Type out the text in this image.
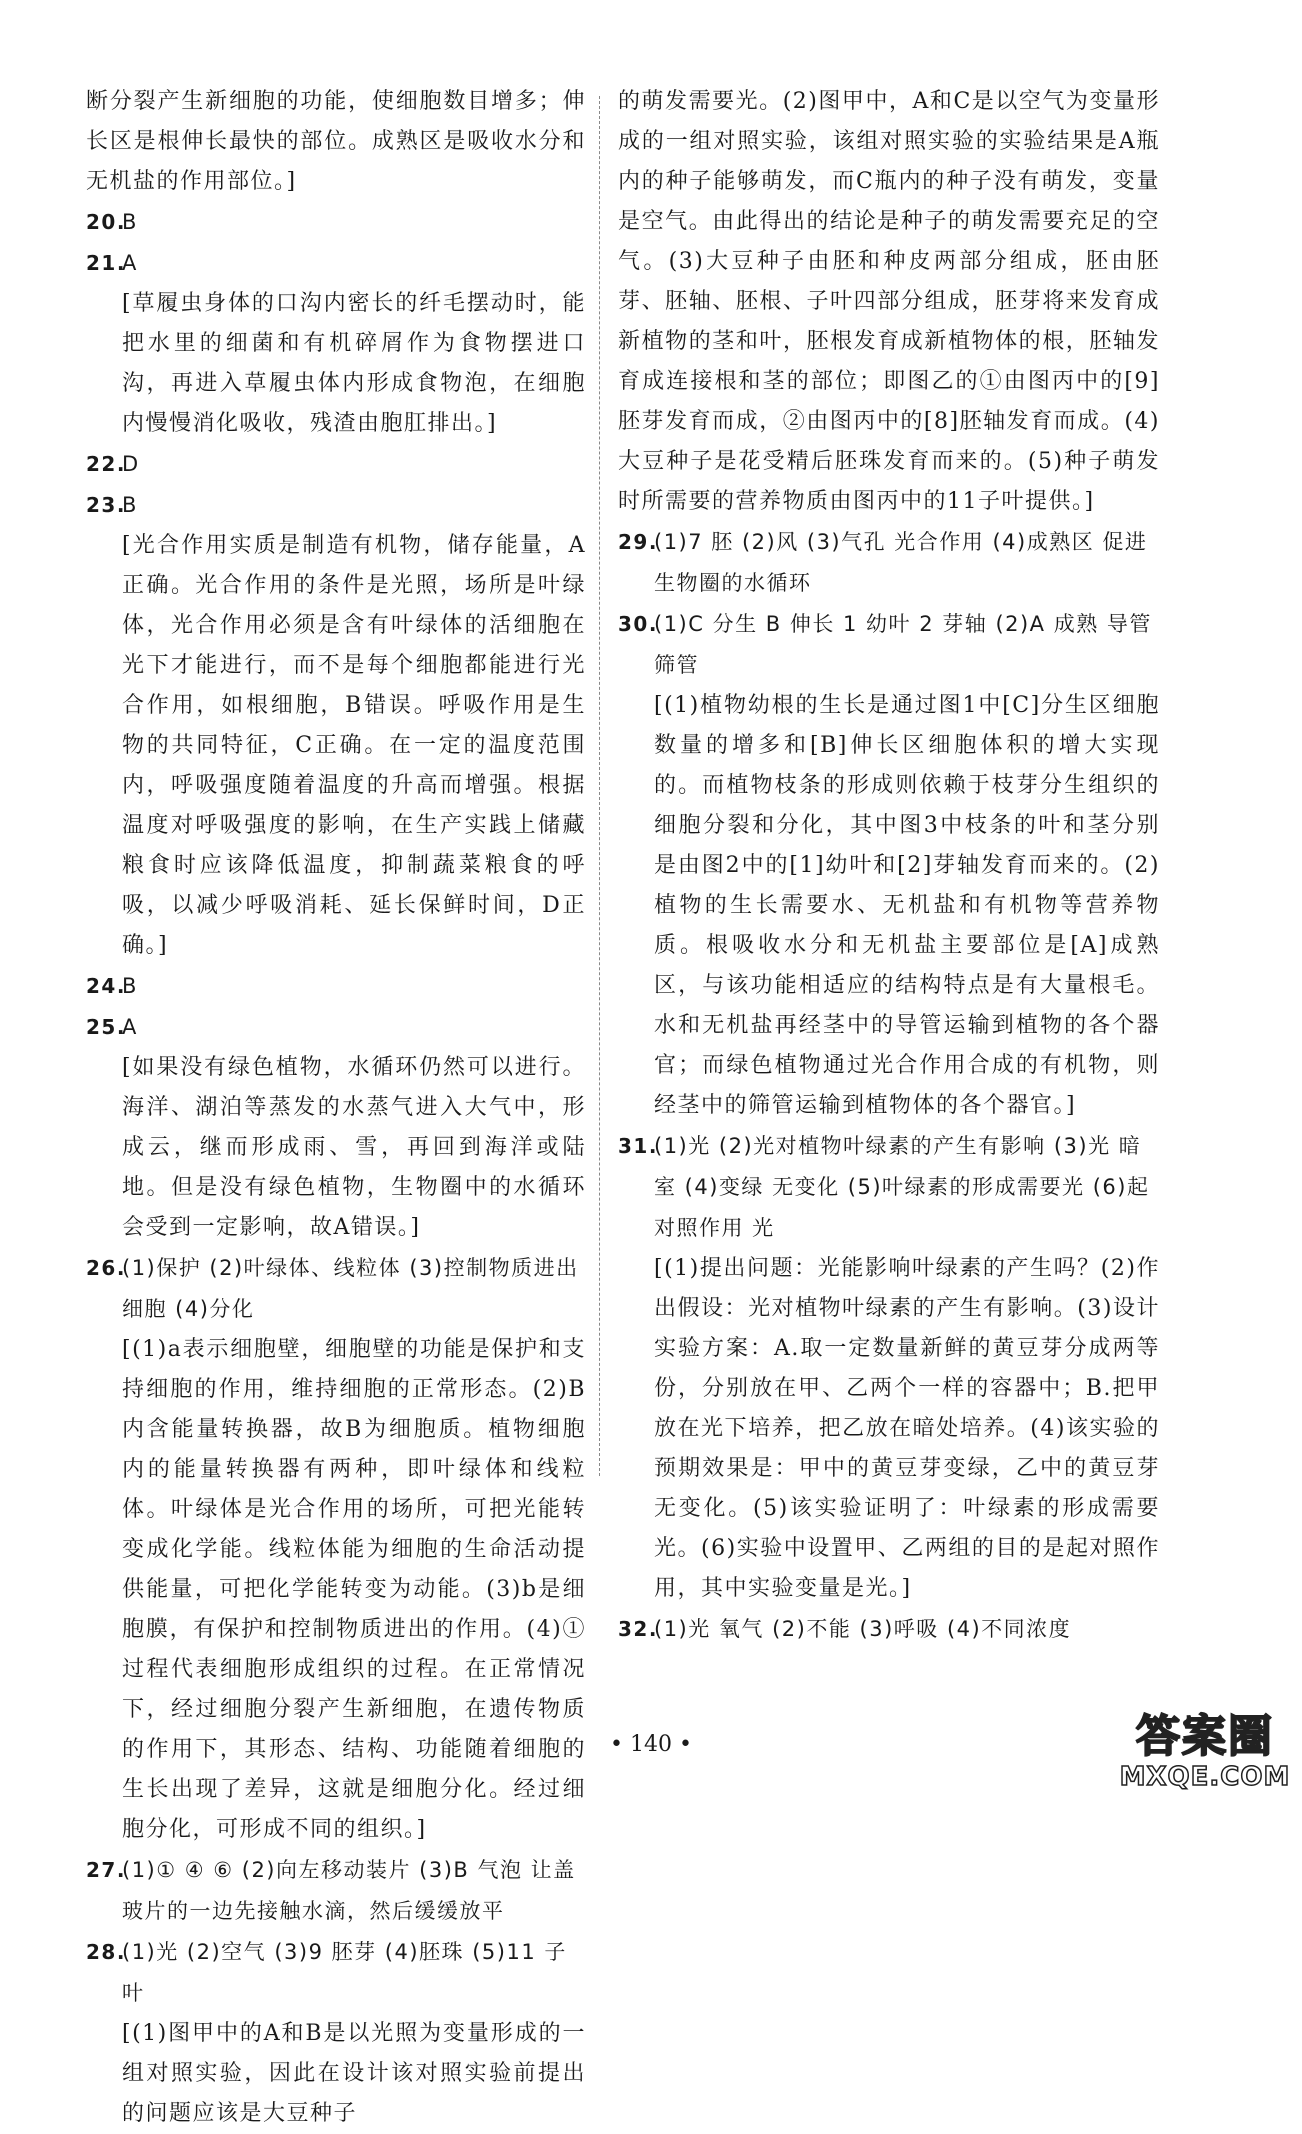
断分裂产生新细胞的功能，使细胞数目增多；伸长区是根伸长最快的部位。成熟区是吸收水分和无机盐的作用部位。]
20.
B
21.
A
[草履虫身体的口沟内密长的纤毛摆动时，能把水里的细菌和有机碎屑作为食物摆进口沟，再进入草履虫体内形成食物泡，在细胞内慢慢消化吸收，残渣由胞肛排出。]
22.
D
23.
B
[光合作用实质是制造有机物，储存能量，A正确。光合作用的条件是光照，场所是叶绿体，光合作用必须是含有叶绿体的活细胞在光下才能进行，而不是每个细胞都能进行光合作用，如根细胞，B错误。呼吸作用是生物的共同特征，C正确。在一定的温度范围内，呼吸强度随着温度的升高而增强。根据温度对呼吸强度的影响，在生产实践上储藏粮食时应该降低温度，抑制蔬菜粮食的呼吸，以减少呼吸消耗、延长保鲜时间，D正确。]
24.
B
25.
A
[如果没有绿色植物，水循环仍然可以进行。海洋、湖泊等蒸发的水蒸气进入大气中，形成云，继而形成雨、雪，再回到海洋或陆地。但是没有绿色植物，生物圈中的水循环会受到一定影响，故A错误。]
26.
(1)保护 (2)叶绿体、线粒体 (3)控制物质进出细胞 (4)分化
[(1)a表示细胞壁，细胞壁的功能是保护和支持细胞的作用，维持细胞的正常形态。(2)B内含能量转换器，故B为细胞质。植物细胞内的能量转换器有两种，即叶绿体和线粒体。叶绿体是光合作用的场所，可把光能转变成化学能。线粒体能为细胞的生命活动提供能量，可把化学能转变为动能。(3)b是细胞膜，有保护和控制物质进出的作用。(4)①过程代表细胞形成组织的过程。在正常情况下，经过细胞分裂产生新细胞，在遗传物质的作用下，其形态、结构、功能随着细胞的生长出现了差异，这就是细胞分化。经过细胞分化，可形成不同的组织。]
27.
(1)① ④ ⑥ (2)向左移动装片 (3)B 气泡 让盖玻片的一边先接触水滴，然后缓缓放平
28.
(1)光 (2)空气 (3)9 胚芽 (4)胚珠 (5)11 子叶
[(1)图甲中的A和B是以光照为变量形成的一组对照实验，因此在设计该对照实验前提出的问题应该是大豆种子
的萌发需要光。(2)图甲中，A和C是以空气为变量形成的一组对照实验，该组对照实验的实验结果是A瓶内的种子能够萌发，而C瓶内的种子没有萌发，变量是空气。由此得出的结论是种子的萌发需要充足的空气。(3)大豆种子由胚和种皮两部分组成，胚由胚芽、胚轴、胚根、子叶四部分组成，胚芽将来发育成新植物的茎和叶，胚根发育成新植物体的根，胚轴发育成连接根和茎的部位；即图乙的①由图丙中的[9]胚芽发育而成，②由图丙中的[8]胚轴发育而成。(4)大豆种子是花受精后胚珠发育而来的。(5)种子萌发时所需要的营养物质由图丙中的11子叶提供。]
29.
(1)7 胚 (2)风 (3)气孔 光合作用 (4)成熟区 促进生物圈的水循环
30.
(1)C 分生 B 伸长 1 幼叶 2 芽轴 (2)A 成熟 导管 筛管
[(1)植物幼根的生长是通过图1中[C]分生区细胞数量的增多和[B]伸长区细胞体积的增大实现的。而植物枝条的形成则依赖于枝芽分生组织的细胞分裂和分化，其中图3中枝条的叶和茎分别是由图2中的[1]幼叶和[2]芽轴发育而来的。(2)植物的生长需要水、无机盐和有机物等营养物质。根吸收水分和无机盐主要部位是[A]成熟区，与该功能相适应的结构特点是有大量根毛。水和无机盐再经茎中的导管运输到植物的各个器官；而绿色植物通过光合作用合成的有机物，则经茎中的筛管运输到植物体的各个器官。]
31.
(1)光 (2)光对植物叶绿素的产生有影响 (3)光 暗室 (4)变绿 无变化 (5)叶绿素的形成需要光 (6)起对照作用 光
[(1)提出问题：光能影响叶绿素的产生吗？(2)作出假设：光对植物叶绿素的产生有影响。(3)设计实验方案：A.取一定数量新鲜的黄豆芽分成两等份，分别放在甲、乙两个一样的容器中；B.把甲放在光下培养，把乙放在暗处培养。(4)该实验的预期效果是：甲中的黄豆芽变绿，乙中的黄豆芽无变化。(5)该实验证明了：叶绿素的形成需要光。(6)实验中设置甲、乙两组的目的是起对照作用，其中实验变量是光。]
32.
(1)光 氧气 (2)不能 (3)呼吸 (4)不同浓度
• 140 •	答案圈
MXQE.COM
